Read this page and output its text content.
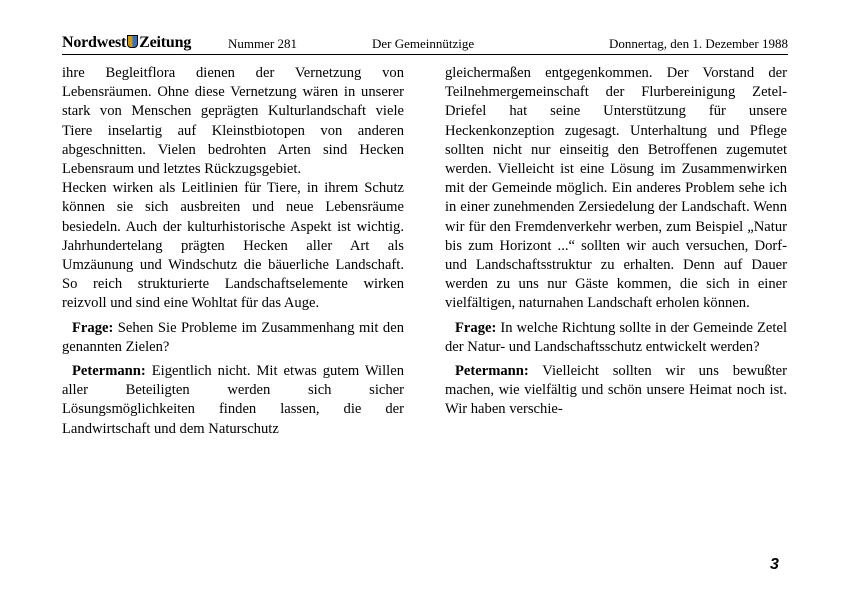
Nordwest Zeitung	Nummer 281	Der Gemeinnützige	Donnertag, den 1. Dezember 1988

ihre Begleitflora dienen der Vernetzung von Lebensräumen. Ohne diese Vernetzung wären in unserer stark von Menschen geprägten Kulturlandschaft viele Tiere inselartig auf Kleinstbiotopen von anderen abgeschnitten. Vielen bedrohten Arten sind Hecken Lebensraum und letztes Rückzugsgebiet.

Hecken wirken als Leitlinien für Tiere, in ihrem Schutz können sie sich ausbreiten und neue Lebensräume besiedeln. Auch der kulturhistorische Aspekt ist wichtig. Jahrhundertelang prägten Hecken aller Art als Umzäunung und Windschutz die bäuerliche Landschaft. So reich strukturierte Landschaftselemente wirken reizvoll und sind eine Wohltat für das Auge.

Frage: Sehen Sie Probleme im Zusammenhang mit den genannten Zielen?

Petermann: Eigentlich nicht. Mit etwas gutem Willen aller Beteiligten werden sich sicher Lösungsmöglichkeiten finden lassen, die der Landwirtschaft und dem Naturschutz

gleichermaßen entgegenkommen. Der Vorstand der Teilnehmergemeinschaft der Flurbereinigung Zetel-Driefel hat seine Unterstützung für unsere Heckenkonzeption zugesagt. Unterhaltung und Pflege sollten nicht nur einseitig den Betroffenen zugemutet werden. Vielleicht ist eine Lösung im Zusammenwirken mit der Gemeinde möglich. Ein anderes Problem sehe ich in einer zunehmenden Zersiedelung der Landschaft. Wenn wir für den Fremdenverkehr werben, zum Beispiel „Natur bis zum Horizont ...“ sollten wir auch versuchen, Dorf- und Landschaftsstruktur zu erhalten. Denn auf Dauer werden zu uns nur Gäste kommen, die sich in einer vielfältigen, naturnahen Landschaft erholen können.

Frage: In welche Richtung sollte in der Gemeinde Zetel der Natur- und Landschaftsschutz entwickelt werden?

Petermann: Vielleicht sollten wir uns bewußter machen, wie vielfältig und schön unsere Heimat noch ist. Wir haben verschie-

3
